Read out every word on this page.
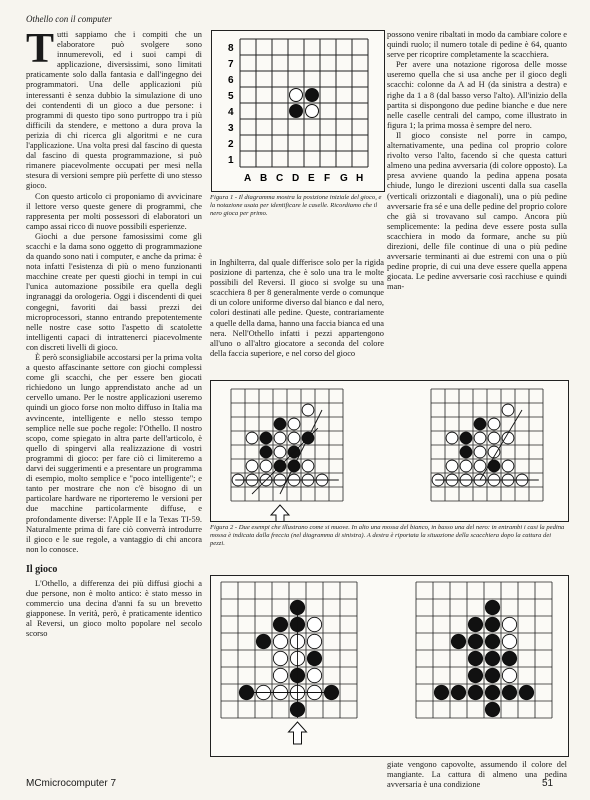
Othello con il computer

Tutti sappiamo che i compiti che un elaboratore può svolgere sono innumerevoli, ed i suoi campi di applicazione, diversissimi, sono limitati praticamente solo dalla fantasia e dall'ingegno dei programmatori. Una delle applicazioni più interessanti è senza dubbio la simulazione di uno dei contendenti di un gioco a due persone: i programmi di questo tipo sono purtroppo tra i più difficili da stendere, e mettono a dura prova la perizia di chi ricerca gli algoritmi e ne cura l'applicazione. Una volta presi dal fascino di questa dal fascino di questa programmazione, si può rimanere piacevolmente occupati per mesi nella stesura di versioni sempre più perfette di uno stesso gioco.

Con questo articolo ci proponiamo di avvicinare il lettore verso queste genere di programmi, che rappresenta per molti possessori di elaboratori un campo assai ricco di nuove possibili esperienze.

Giochi a due persone famosissimi come gli scacchi e la dama sono oggetto di programmazione da quando sono nati i computer, e anche da prima: è nota infatti l'esistenza di più o meno funzionanti macchine create per questi giochi in tempi in cui l'unica automazione possibile era quella degli ingranaggi da orologeria. Oggi i discendenti di quei congegni, favoriti dai bassi prezzi dei microprocessori, stanno entrando prepotentemente nelle nostre case sotto l'aspetto di scatolette intelligenti capaci di intrattenerci piacevolmente con discreti livelli di gioco.

È però sconsigliabile accostarsi per la prima volta a questo affascinante settore con giochi complessi come gli scacchi, che per essere ben giocati richiedono un lungo apprendistato anche ad un cervello umano. Per le nostre applicazioni useremo quindi un gioco forse non molto diffuso in Italia ma avvincente, intelligente e nello stesso tempo semplice nelle sue poche regole: l'Othello. Il nostro scopo, come spiegato in altra parte dell'articolo, è quello di spingervi alla realizzazione di vostri programmi di gioco: per fare ciò ci limiteremo a darvi dei suggerimenti e a presentare un programma di esempio, molto semplice e "poco intelligente"; e tanto per mostrare che non c'è bisogno di un particolare hardware ne riporteremo le versioni per due macchine particolarmente diffuse, e profondamente diverse: l'Apple II e la Texas TI-59. Naturalmente prima di fare ciò converrà introdurre il gioco e le sue regole, a vantaggio di chi ancora non lo conosce.

Il gioco

L'Othello, a differenza dei più diffusi giochi a due persone, non è molto antico: è stato messo in commercio una decina d'anni fa su un brevetto giapponese. In verità, però, è praticamente identico al Reversi, un gioco molto popolare nel secolo scorso

8
7
6
5
4
3
2
1
A B C D E F G H
Figura 1 - Il diagramma mostra la posizione iniziale del gioco, e la notazione usata per identificare le caselle. Ricordiamo che il nero gioca per primo.

in Inghilterra, dal quale differisce solo per la rigida posizione di partenza, che è solo una tra le molte possibili del Reversi. Il gioco si svolge su una scacchiera 8 per 8 generalmente verde o comunque di un colore uniforme diverso dal bianco e dal nero, colori destinati alle pedine. Queste, contrariamente a quelle della dama, hanno una faccia bianca ed una nera. Nell'Othello infatti i pezzi appartengono all'uno o all'altro giocatore a seconda del colore della faccia superiore, e nel corso del gioco

possono venire ribaltati in modo da cambiare colore e quindi ruolo; il numero totale di pedine è 64, quanto serve per ricoprire completamente la scacchiera.

Per avere una notazione rigorosa delle mosse useremo quella che si usa anche per il gioco degli scacchi: colonne da A ad H (da sinistra a destra) e righe da 1 a 8 (dal basso verso l'alto). All'inizio della partita si dispongono due pedine bianche e due nere nelle caselle centrali del campo, come illustrato in figura 1; la prima mossa è sempre del nero.

Il gioco consiste nel porre in campo, alternativamente, una pedina col proprio colore rivolto verso l'alto, facendo sì che questa catturi almeno una pedina avversaria (di colore opposto). La presa avviene quando la pedina appena posata chiude, lungo le direzioni uscenti dalla sua casella (verticali orizzontali e diagonali), una o più pedine avversarie fra sé e una delle pedine del proprio colore che già si trovavano sul campo. Ancora più semplicemente: la pedina deve essere posta sulla scacchiera in modo da formare, anche su più direzioni, delle file continue di una o più pedine avversarie terminanti ai due estremi con una o più pedine proprie, di cui una deve essere quella appena giocata. Le pedine avversarie così racchiuse e quindi man-

Figura 2 - Due esempi che illustrano come si muove. In alto una mossa del bianco, in basso una del nero: in entrambi i casi la pedina mossa è indicata dalla freccia (nel diagramma di sinistra). A destra è riportata la situazione della scacchiera dopo la cattura dei pezzi.

giate vengono capovolte, assumendo il colore del mangiante. La cattura di almeno una pedina avversaria è una condizione

MCmicrocomputer 7	51
